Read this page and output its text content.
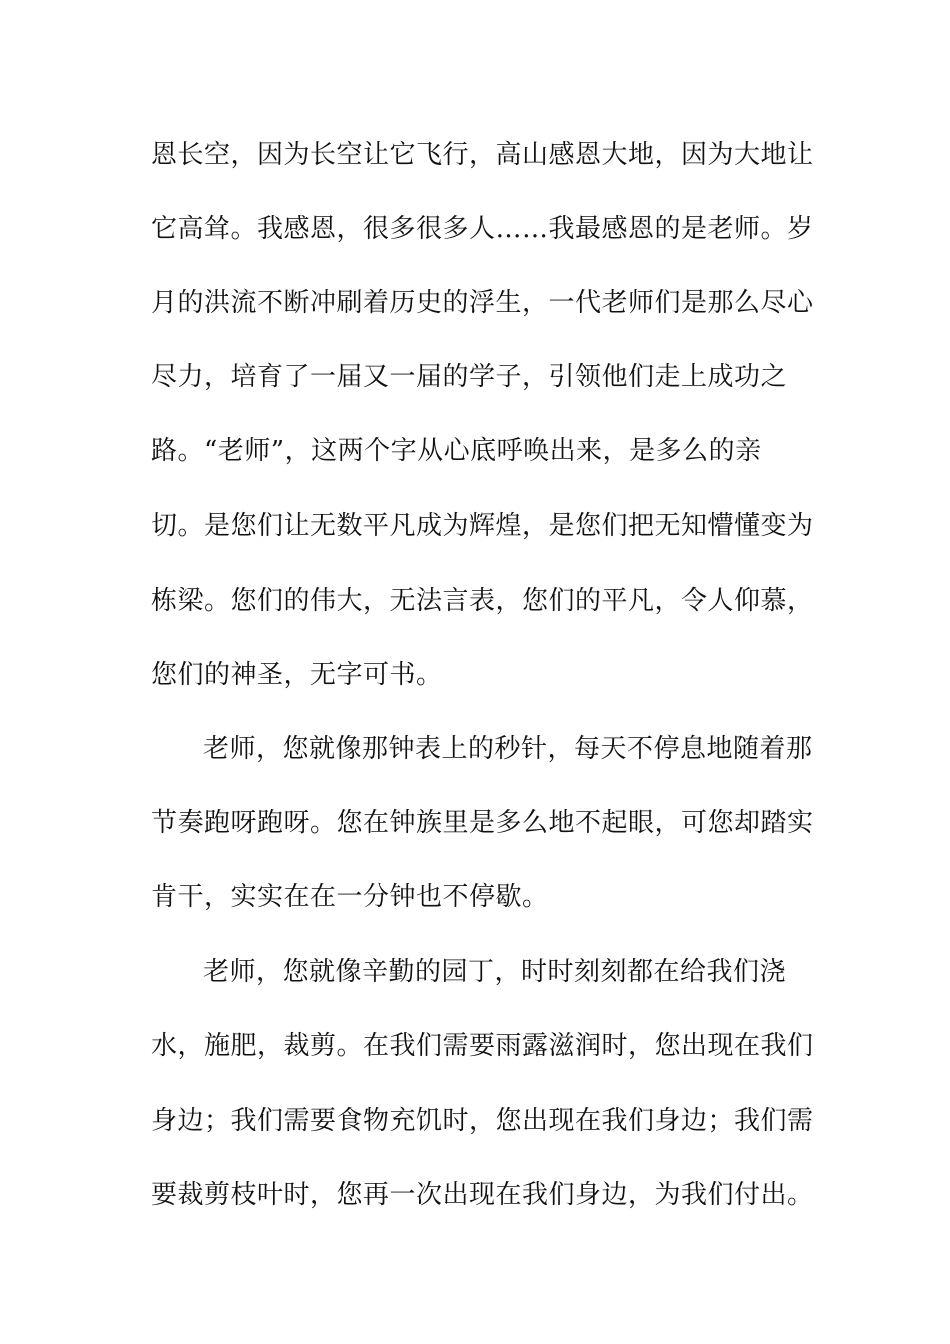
恩长空，因为长空让它飞行，高山感恩大地，因为大地让
它高耸。我感恩，很多很多人……我最感恩的是老师。岁
月的洪流不断冲刷着历史的浮生，一代老师们是那么尽心
尽力，培育了一届又一届的学子，引领他们走上成功之
路。“老师”，这两个字从心底呼唤出来，是多么的亲
切。是您们让无数平凡成为辉煌，是您们把无知懵懂变为
栋梁。您们的伟大，无法言表，您们的平凡，令人仰慕，
您们的神圣，无字可书。
老师，您就像那钟表上的秒针，每天不停息地随着那
节奏跑呀跑呀。您在钟族里是多么地不起眼，可您却踏实
肯干，实实在在一分钟也不停歇。
老师，您就像辛勤的园丁，时时刻刻都在给我们浇
水，施肥，裁剪。在我们需要雨露滋润时，您出现在我们
身边；我们需要食物充饥时，您出现在我们身边；我们需
要裁剪枝叶时，您再一次出现在我们身边，为我们付出。
